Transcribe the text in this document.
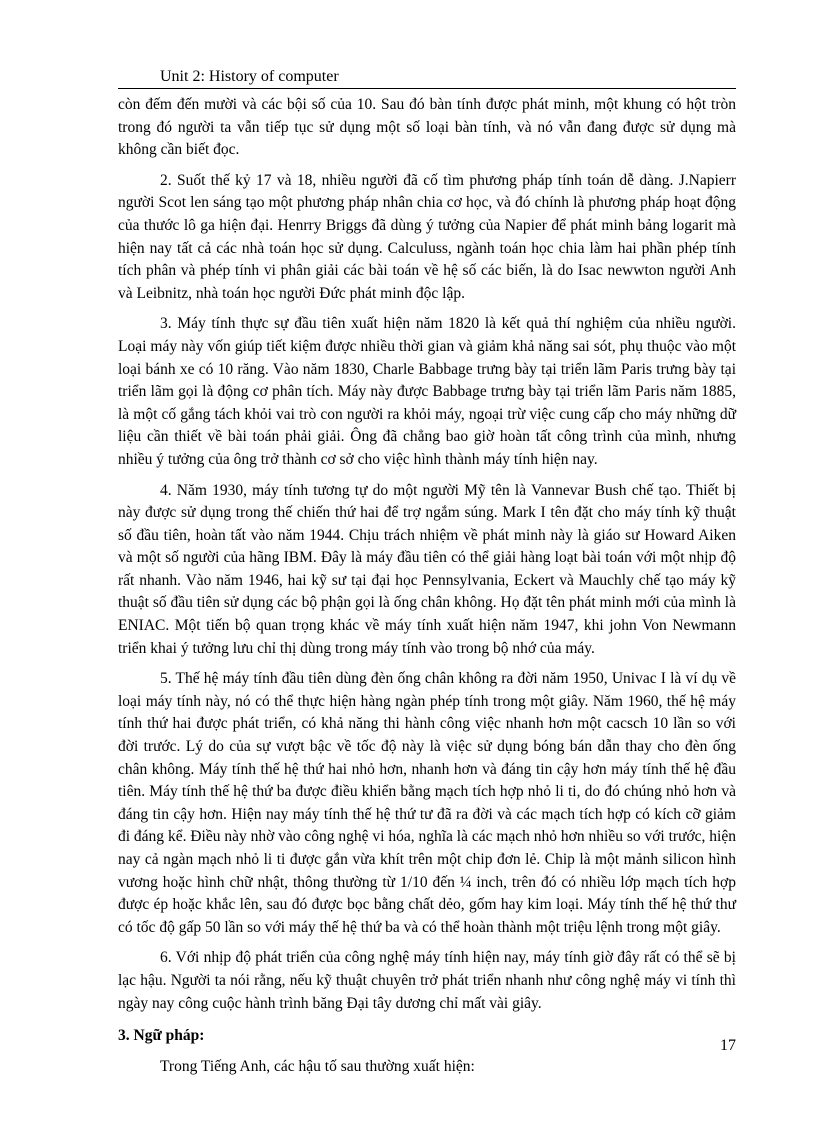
Unit 2: History of computer

còn đếm đến mười và các bội số của 10. Sau đó bàn tính được phát minh, một khung có hột tròn trong đó người ta vẫn tiếp tục sử dụng một số loại bàn tính, và nó vẫn đang được sử dụng mà không cần biết đọc.

2. Suốt thế kỷ 17 và 18, nhiều người đã cố tìm phương pháp tính toán dễ dàng. J.Napierr người Scot len sáng tạo một phương pháp nhân chia cơ học, và đó chính là phương pháp hoạt động của thước lô ga hiện đại. Henrry Briggs đã dùng ý tưởng của Napier để phát minh bảng logarit mà hiện nay tất cả các nhà toán học sử dụng. Calculuss, ngành toán học chia làm hai phần phép tính tích phân và phép tính vi phân giải các bài toán về hệ số các biến, là do Isac newwton người Anh và Leibnitz, nhà toán học người Đức phát minh độc lập.

3. Máy tính thực sự đầu tiên xuất hiện năm 1820 là kết quả thí nghiệm của nhiều người. Loại máy này vốn giúp tiết kiệm được nhiều thời gian và giảm khả năng sai sót, phụ thuộc vào một loại bánh xe có 10 răng. Vào năm 1830, Charle Babbage trưng bày tại triển lãm Paris trưng bày tại triển lãm gọi là động cơ phân tích. Máy này được Babbage trưng bày tại triển lãm Paris năm 1885, là một cố gắng tách khỏi vai trò con người ra khỏi máy, ngoại trừ việc cung cấp cho máy những dữ liệu cần thiết về bài toán phải giải. Ông đã chẳng bao giờ hoàn tất công trình của mình, nhưng nhiều ý tưởng của ông trở thành cơ sở cho việc hình thành máy tính hiện nay.

4. Năm 1930, máy tính tương tự do một người Mỹ tên là Vannevar Bush chế tạo. Thiết bị này được sử dụng trong thế chiến thứ hai để trợ ngắm súng. Mark I tên đặt cho máy tính kỹ thuật số đầu tiên, hoàn tất vào năm 1944. Chịu trách nhiệm về phát minh này là giáo sư Howard Aiken và một số người của hãng IBM. Đây là máy đầu tiên có thể giải hàng loạt bài toán với một nhịp độ rất nhanh. Vào năm 1946, hai kỹ sư tại đại học Pennsylvania, Eckert và Mauchly chế tạo máy kỹ thuật số đầu tiên sử dụng các bộ phận gọi là ống chân không. Họ đặt tên phát minh mới của mình là ENIAC. Một tiến bộ quan trọng khác về máy tính xuất hiện năm 1947, khi john Von Newmann triển khai ý tưởng lưu chỉ thị dùng trong máy tính vào trong bộ nhớ của máy.

5. Thế hệ máy tính đầu tiên dùng đèn ống chân không ra đời năm 1950, Univac I là ví dụ về loại máy tính này, nó có thể thực hiện hàng ngàn phép tính trong một giây. Năm 1960, thế hệ máy tính thứ hai được phát triển, có khả năng thi hành công việc nhanh hơn một cacsch 10 lần so với đời trước. Lý do của sự vượt bậc về tốc độ này là việc sử dụng bóng bán dẫn thay cho đèn ống chân không. Máy tính thế hệ thứ hai nhỏ hơn, nhanh hơn và đáng tin cậy hơn máy tính thế hệ đầu tiên. Máy tính thế hệ thứ ba được điều khiển bằng mạch tích hợp nhỏ li ti, do đó chúng nhỏ hơn và đáng tin cậy hơn. Hiện nay máy tính thế hệ thứ tư đã ra đời và các mạch tích hợp có kích cỡ giảm đi đáng kể. Điều này nhờ vào công nghệ vi hóa, nghĩa là các mạch nhỏ hơn nhiều so với trước, hiện nay cả ngàn mạch nhỏ li ti được gắn vừa khít trên một chip đơn lẻ. Chip là một mảnh silicon hình vương hoặc hình chữ nhật, thông thường từ 1/10 đến ¼ inch, trên đó có nhiều lớp mạch tích hợp được ép hoặc khắc lên, sau đó được bọc bằng chất dẻo, gốm hay kim loại. Máy tính thế hệ thứ thư có tốc độ gấp 50 lần so với máy thế hệ thứ ba và có thể hoàn thành một triệu lệnh trong một giây.

6. Với nhịp độ phát triển của công nghệ máy tính hiện nay, máy tính giờ đây rất có thể sẽ bị lạc hậu. Người ta nói rằng, nếu kỹ thuật chuyên trở phát triển nhanh như công nghệ máy vi tính thì ngày nay công cuộc hành trình băng Đại tây dương chỉ mất vài giây.

3. Ngữ pháp:

Trong Tiếng Anh, các hậu tố sau thường xuất hiện:

17
